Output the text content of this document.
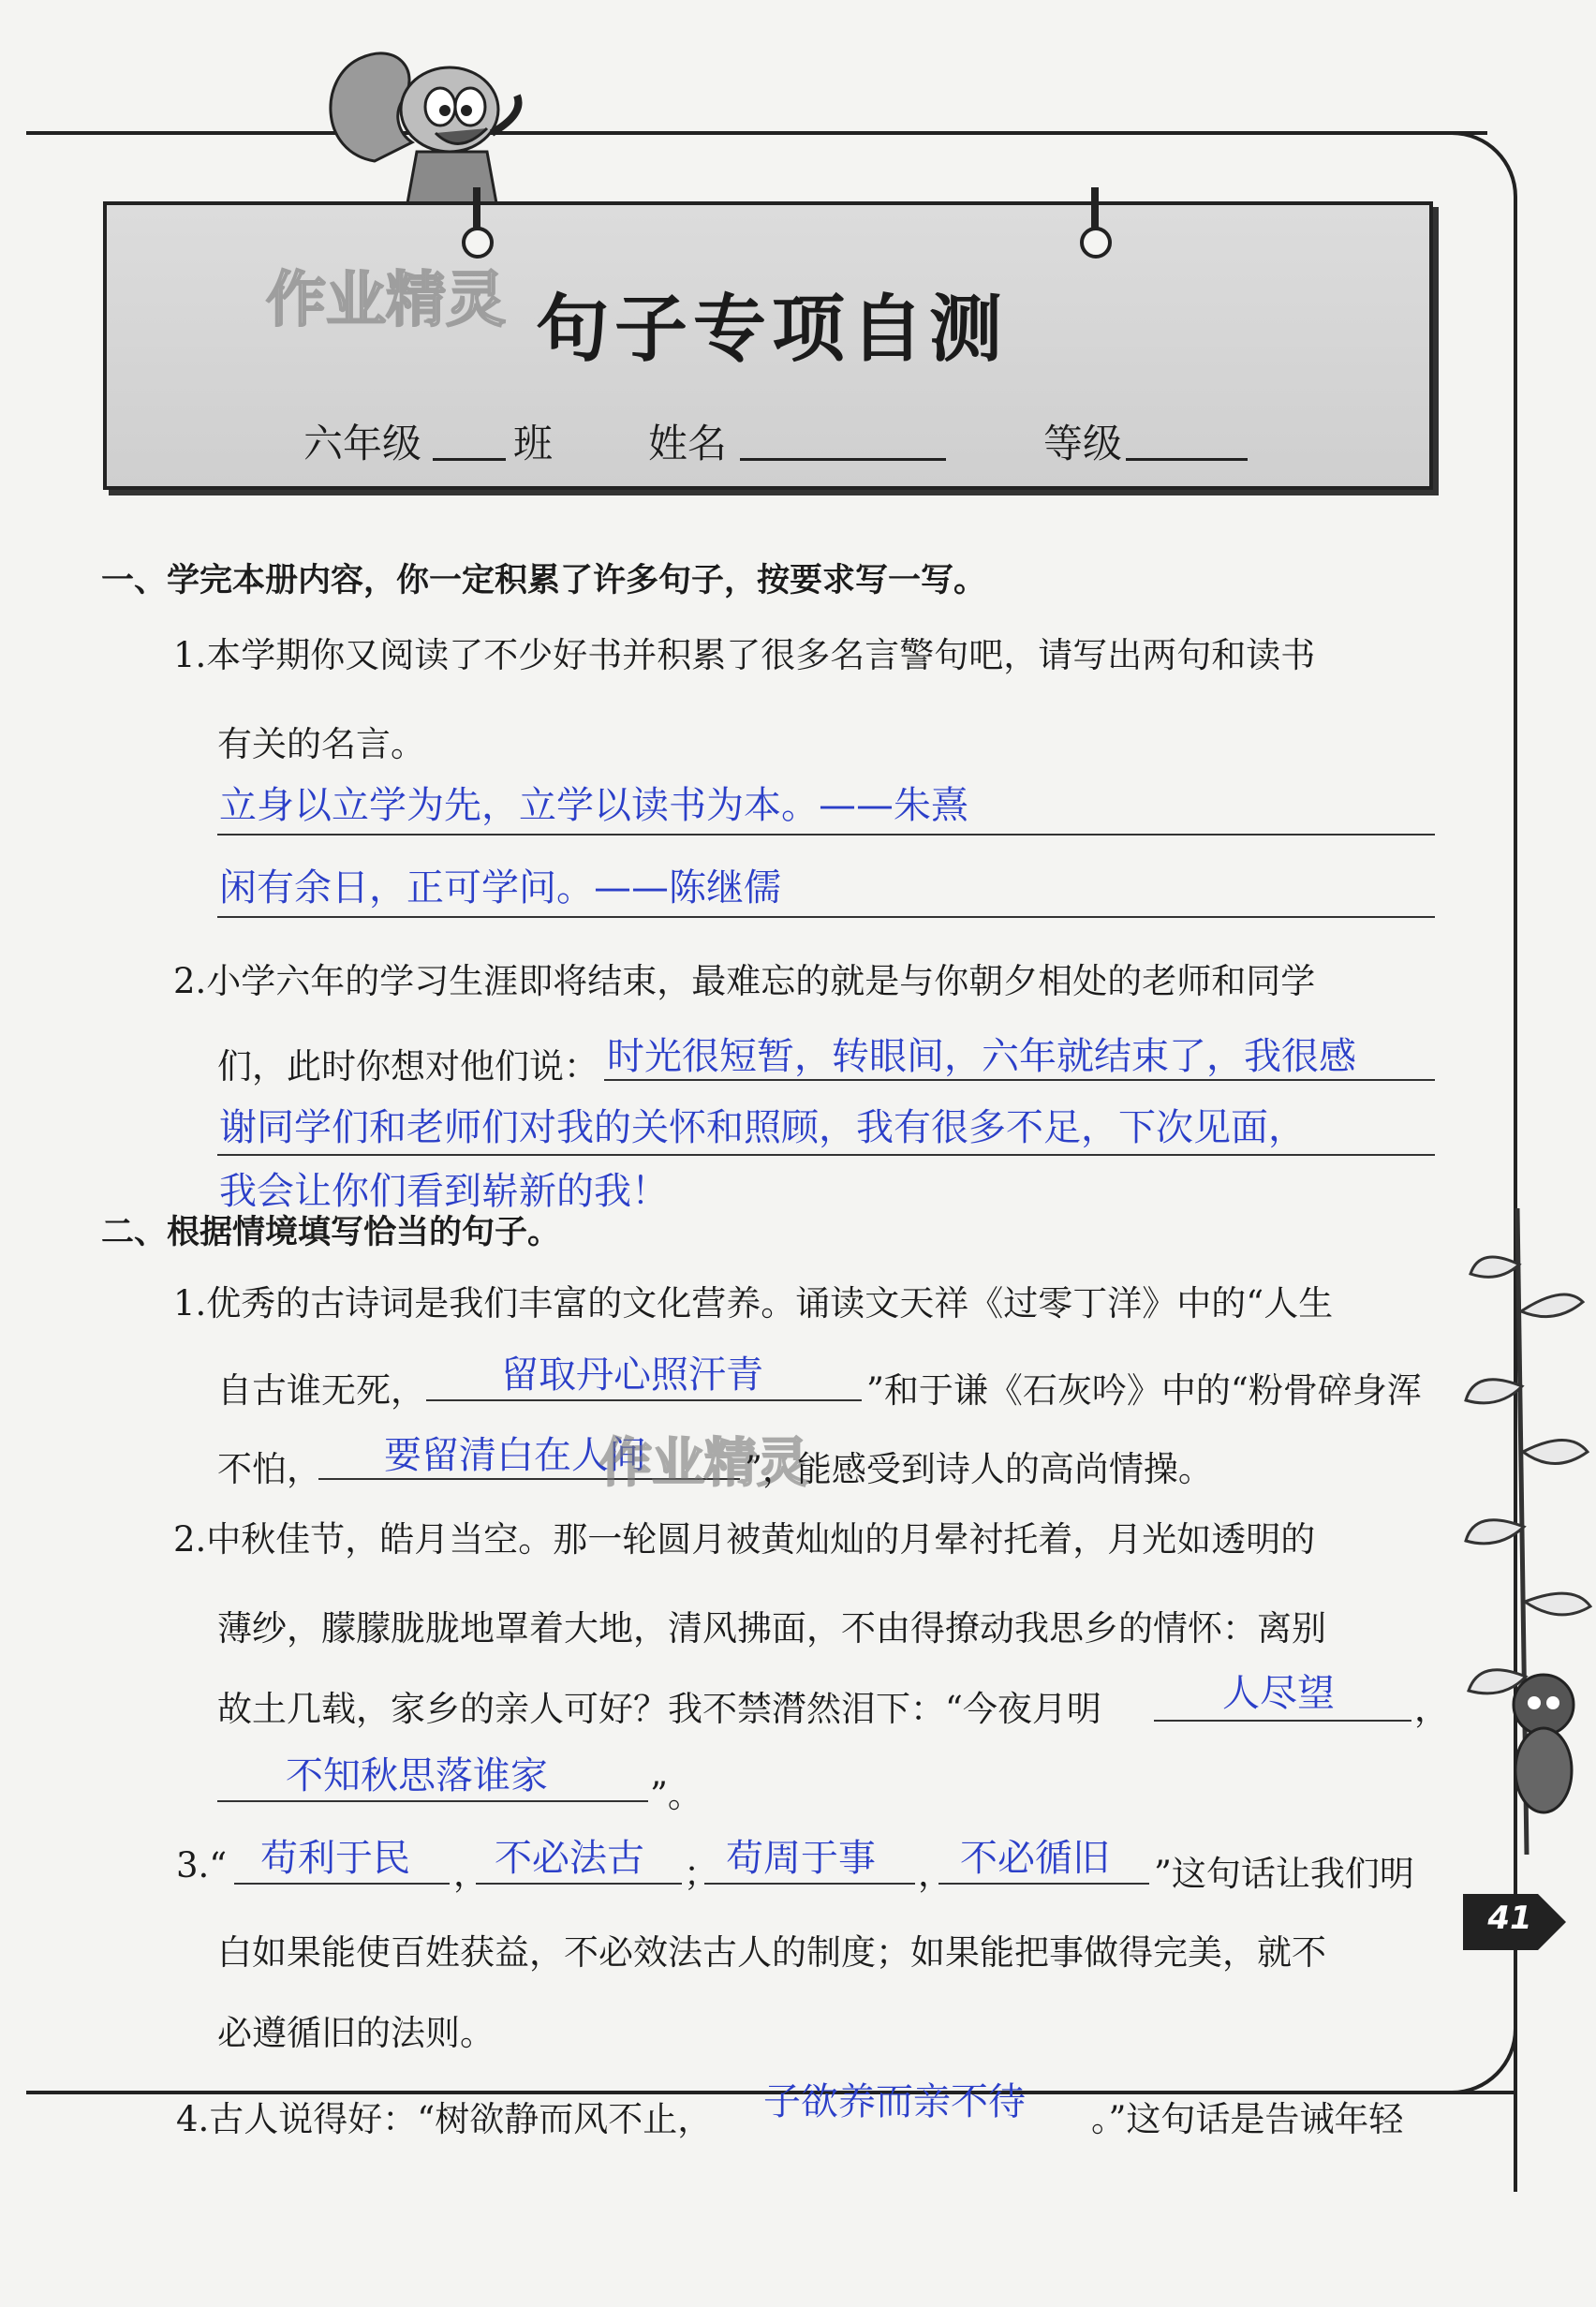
句子专项自测
作业精灵
六年级 班 姓名	等级
一、学完本册内容，你一定积累了许多句子，按要求写一写。
1.本学期你又阅读了不少好书并积累了很多名言警句吧，请写出两句和读书
有关的名言。
立身以立学为先，立学以读书为本。——朱熹
闲有余日，正可学问。——陈继儒
2.小学六年的学习生涯即将结束，最难忘的就是与你朝夕相处的老师和同学
们，此时你想对他们说： 时光很短暂，转眼间，六年就结束了，我很感
谢同学们和老师们对我的关怀和照顾，我有很多不足，下次见面，
我会让你们看到崭新的我！
二、根据情境填写恰当的句子。
1.优秀的古诗词是我们丰富的文化营养。诵读文天祥《过零丁洋》中的“人生
自古谁无死， 留取丹心照汗青	”和于谦《石灰吟》中的“粉骨碎身浑
不怕， 要留清白在人间
作业精灵
”，能感受到诗人的高尚情操。
2.中秋佳节，皓月当空。那一轮圆月被黄灿灿的月晕衬托着，月光如透明的
薄纱，朦朦胧胧地罩着大地，清风拂面，不由得撩动我思乡的情怀：离别
故土几载，家乡的亲人可好？我不禁潸然泪下：“今夜月明	人尽望 ，
不知秋思落谁家	”。
3.“ 苟利于民 ， 不必法古 ； 苟周于事 ， 不必循旧 ”这句话让我们明
白如果能使百姓获益，不必效法古人的制度；如果能把事做得完美，就不
必遵循旧的法则。
4.古人说得好：“树欲静而风不止， 子欲养而亲不待 。”这句话是告诫年轻
41
